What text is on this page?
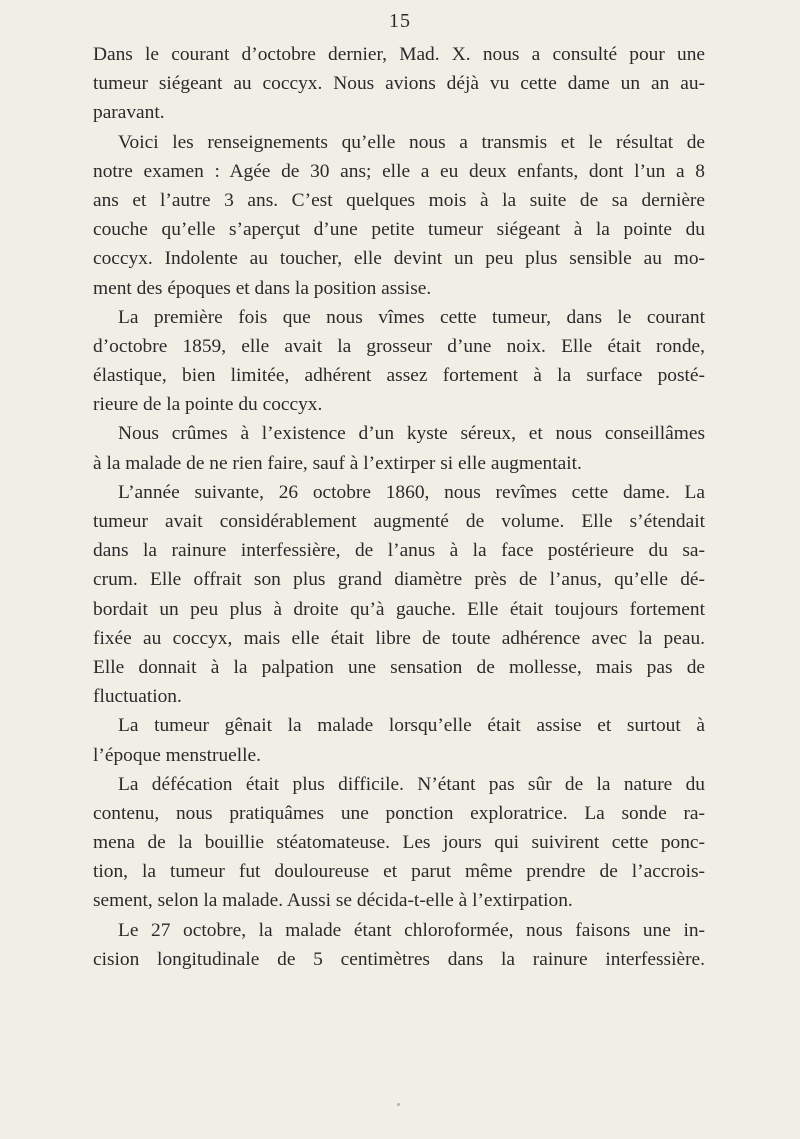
15
Dans le courant d’octobre dernier, Mad. X. nous a consulté pour une
tumeur siégeant au coccyx. Nous avions déjà vu cette dame un an au-
paravant.
Voici les renseignements qu’elle nous a transmis et le résultat de
notre examen : Agée de 30 ans; elle a eu deux enfants, dont l’un a 8
ans et l’autre 3 ans. C’est quelques mois à la suite de sa dernière
couche qu’elle s’aperçut d’une petite tumeur siégeant à la pointe du
coccyx. Indolente au toucher, elle devint un peu plus sensible au mo-
ment des époques et dans la position assise.
La première fois que nous vîmes cette tumeur, dans le courant
d’octobre 1859, elle avait la grosseur d’une noix. Elle était ronde,
élastique, bien limitée, adhérent assez fortement à la surface posté-
rieure de la pointe du coccyx.
Nous crûmes à l’existence d’un kyste séreux, et nous conseillâmes
à la malade de ne rien faire, sauf à l’extirper si elle augmentait.
L’année suivante, 26 octobre 1860, nous revîmes cette dame. La
tumeur avait considérablement augmenté de volume. Elle s’étendait
dans la rainure interfessière, de l’anus à la face postérieure du sa-
crum. Elle offrait son plus grand diamètre près de l’anus, qu’elle dé-
bordait un peu plus à droite qu’à gauche. Elle était toujours fortement
fixée au coccyx, mais elle était libre de toute adhérence avec la peau.
Elle donnait à la palpation une sensation de mollesse, mais pas de
fluctuation.
La tumeur gênait la malade lorsqu’elle était assise et surtout à
l’époque menstruelle.
La défécation était plus difficile. N’étant pas sûr de la nature du
contenu, nous pratiquâmes une ponction exploratrice. La sonde ra-
mena de la bouillie stéatomateuse. Les jours qui suivirent cette ponc-
tion, la tumeur fut douloureuse et parut même prendre de l’accrois-
sement, selon la malade. Aussi se décida-t-elle à l’extirpation.
Le 27 octobre, la malade étant chloroformée, nous faisons une in-
cision longitudinale de 5 centimètres dans la rainure interfessière.
